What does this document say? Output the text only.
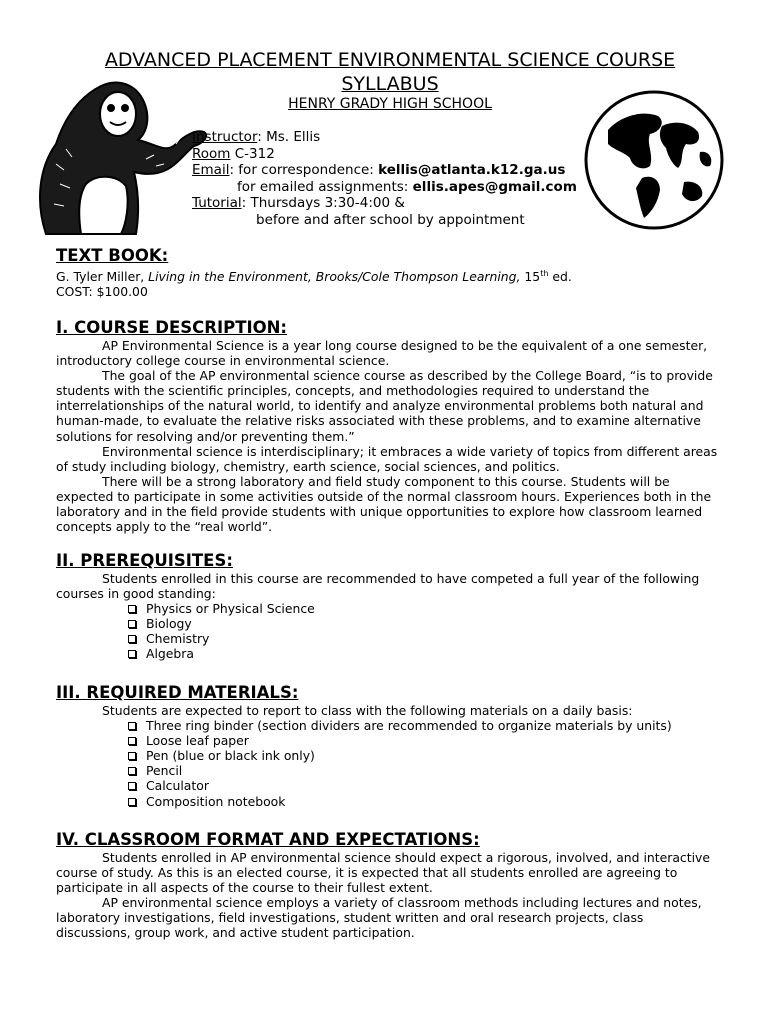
ADVANCED PLACEMENT ENVIRONMENTAL SCIENCE COURSE
SYLLABUS
HENRY GRADY HIGH SCHOOL
Instructor: Ms. Ellis
Room C-312
Email: for correspondence: kellis@atlanta.k12.ga.us
for emailed assignments: ellis.apes@gmail.com
Tutorial: Thursdays 3:30-4:00 &
before and after school by appointment
TEXT BOOK:
G. Tyler Miller, Living in the Environment, Brooks/Cole Thompson Learning, 15th ed.
COST: $100.00
I. COURSE DESCRIPTION:

AP Environmental Science is a year long course designed to be the equivalent of a one semester, introductory college course in environmental science.

The goal of the AP environmental science course as described by the College Board, “is to provide students with the scientific principles, concepts, and methodologies required to understand the interrelationships of the natural world, to identify and analyze environmental problems both natural and human-made, to evaluate the relative risks associated with these problems, and to examine alternative solutions for resolving and/or preventing them.”

Environmental science is interdisciplinary; it embraces a wide variety of topics from different areas of study including biology, chemistry, earth science, social sciences, and politics.

There will be a strong laboratory and field study component to this course. Students will be expected to participate in some activities outside of the normal classroom hours. Experiences both in the laboratory and in the field provide students with unique opportunities to explore how classroom learned concepts apply to the “real world”.

II. PREREQUISITES:

Students enrolled in this course are recommended to have competed a full year of the following courses in good standing:

Physics or Physical Science
Biology
Chemistry
Algebra
III. REQUIRED MATERIALS:

Students are expected to report to class with the following materials on a daily basis:

Three ring binder (section dividers are recommended to organize materials by units)
Loose leaf paper
Pen (blue or black ink only)
Pencil
Calculator
Composition notebook
IV. CLASSROOM FORMAT AND EXPECTATIONS:

Students enrolled in AP environmental science should expect a rigorous, involved, and interactive course of study. As this is an elected course, it is expected that all students enrolled are agreeing to participate in all aspects of the course to their fullest extent.

AP environmental science employs a variety of classroom methods including lectures and notes, laboratory investigations, field investigations, student written and oral research projects, class discussions, group work, and active student participation.
